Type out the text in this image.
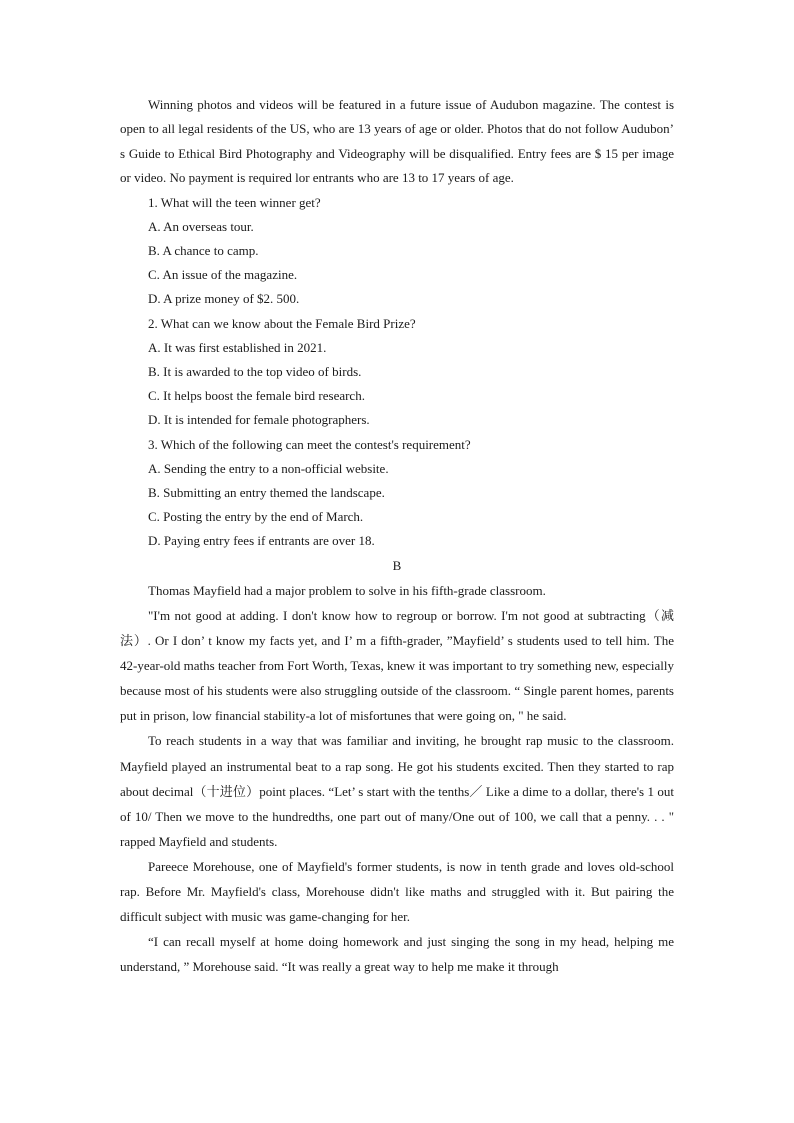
Winning photos and videos will be featured in a future issue of Audubon magazine. The contest is open to all legal residents of the US, who are 13 years of age or older. Photos that do not follow Audubon’ s Guide to Ethical Bird Photography and Videography will be disqualified. Entry fees are $ 15 per image or video. No payment is required lor entrants who are 13 to 17 years of age.

1. What will the teen winner get?

A. An overseas tour.

B. A chance to camp.

C. An issue of the magazine.

D. A prize money of $2. 500.

2. What can we know about the Female Bird Prize?

A. It was first established in 2021.

B. It is awarded to the top video of birds.

C. It helps boost the female bird research.

D. It is intended for female photographers.

3. Which of the following can meet the contest's requirement?

A. Sending the entry to a non-official website.

B. Submitting an entry themed the landscape.

C. Posting the entry by the end of March.

D. Paying entry fees if entrants are over 18.

B

Thomas Mayfield had a major problem to solve in his fifth-grade classroom.

"I'm not good at adding. I don't know how to regroup or borrow. I'm not good at subtracting（减法）. Or I don’ t know my facts yet, and I’ m a fifth-grader, ”Mayfield’ s students used to tell him. The 42-year-old maths teacher from Fort Worth, Texas, knew it was important to try something new, especially because most of his students were also struggling outside of the classroom. “ Single parent homes, parents put in prison, low financial stability-a lot of misfortunes that were going on, " he said.

To reach students in a way that was familiar and inviting, he brought rap music to the classroom. Mayfield played an instrumental beat to a rap song. He got his students excited. Then they started to rap about decimal（十进位）point places. “Let’ s start with the tenths／ Like a dime to a dollar, there's 1 out of 10/ Then we move to the hundredths, one part out of many/One out of 100, we call that a penny. . . " rapped Mayfield and students.

Pareece Morehouse, one of Mayfield's former students, is now in tenth grade and loves old-school rap. Before Mr. Mayfield's class, Morehouse didn't like maths and struggled with it. But pairing the difficult subject with music was game-changing for her.

“I can recall myself at home doing homework and just singing the song in my head, helping me understand, ” Morehouse said. “It was really a great way to help me make it through
